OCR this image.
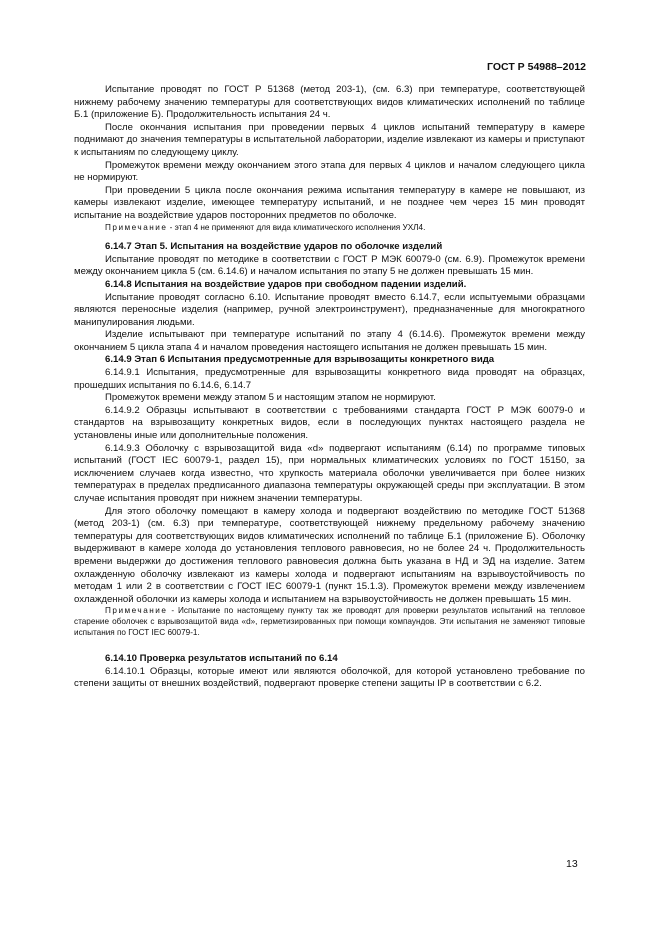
ГОСТ Р 54988–2012

Испытание проводят по ГОСТ Р 51368 (метод 203-1), (см. 6.3) при температуре, соответствующей нижнему рабочему значению температуры для соответствующих видов климатических исполнений по таблице Б.1 (приложение Б). Продолжительность испытания 24 ч.

После окончания испытания при проведении первых 4 циклов испытаний температуру в камере поднимают до значения температуры в испытательной лаборатории, изделие извлекают из камеры и приступают к испытаниям по следующему циклу.

Промежуток времени между окончанием этого этапа для первых 4 циклов и началом следующего цикла не нормируют.

При проведении 5 цикла после окончания режима испытания температуру в камере не повышают, из камеры извлекают изделие, имеющее температуру испытаний, и не позднее чем через 15 мин проводят испытание на воздействие ударов посторонних предметов по оболочке.

Примечание - этап 4 не применяют для вида климатического исполнения УХЛ4.

6.14.7 Этап 5. Испытания на воздействие ударов по оболочке изделий

Испытание проводят по методике в соответствии с ГОСТ Р МЭК 60079-0 (см. 6.9). Промежуток времени между окончанием цикла 5 (см. 6.14.6) и началом испытания по этапу 5 не должен превышать 15 мин.

6.14.8 Испытания на воздействие ударов при свободном падении изделий.

Испытание проводят согласно 6.10. Испытание проводят вместо 6.14.7, если испытуемыми образцами являются переносные изделия (например, ручной электроинструмент), предназначенные для многократного манипулирования людьми.

Изделие испытывают при температуре испытаний по этапу 4 (6.14.6). Промежуток времени между окончанием 5 цикла этапа 4 и началом проведения настоящего испытания не должен превышать 15 мин.

6.14.9 Этап 6 Испытания предусмотренные для взрывозащиты конкретного вида

6.14.9.1 Испытания, предусмотренные для взрывозащиты конкретного вида проводят на образцах, прошедших испытания по 6.14.6, 6.14.7

Промежуток времени между этапом 5 и настоящим этапом не нормируют.

6.14.9.2 Образцы испытывают в соответствии с требованиями стандарта ГОСТ Р МЭК 60079-0 и стандартов на взрывозащиту конкретных видов, если в последующих пунктах настоящего раздела не установлены иные или дополнительные положения.

6.14.9.3 Оболочку с взрывозащитой вида «d» подвергают испытаниям (6.14) по программе типовых испытаний (ГОСТ IEC 60079-1, раздел 15), при нормальных климатических условиях по ГОСТ 15150, за исключением случаев когда известно, что хрупкость материала оболочки увеличивается при более низких температурах в пределах предписанного диапазона температуры окружающей среды при эксплуатации. В этом случае испытания проводят при нижнем значении температуры.

Для этого оболочку помещают в камеру холода и подвергают воздействию по методике ГОСТ 51368 (метод 203-1) (см. 6.3) при температуре, соответствующей нижнему предельному рабочему значению температуры для соответствующих видов климатических исполнений по таблице Б.1 (приложение Б). Оболочку выдерживают в камере холода до установления теплового равновесия, но не более 24 ч. Продолжительность времени выдержки до достижения теплового равновесия должна быть указана в НД и ЭД на изделие. Затем охлажденную оболочку извлекают из камеры холода и подвергают испытаниям на взрывоустойчивость по методам 1 или 2 в соответствии с ГОСТ IEC 60079-1 (пункт 15.1.3). Промежуток времени между извлечением охлажденной оболочки из камеры холода и испытанием на взрывоустойчивость не должен превышать 15 мин.

Примечание - Испытание по настоящему пункту так же проводят для проверки результатов испытаний на тепловое старение оболочек с взрывозащитой вида «d», герметизированных при помощи компаундов. Эти испытания не заменяют типовые испытания по ГОСТ IEC 60079-1.

6.14.10 Проверка результатов испытаний по 6.14

6.14.10.1 Образцы, которые имеют или являются оболочкой, для которой установлено требование по степени защиты от внешних воздействий, подвергают проверке степени защиты IP в соответствии с 6.2.

13
